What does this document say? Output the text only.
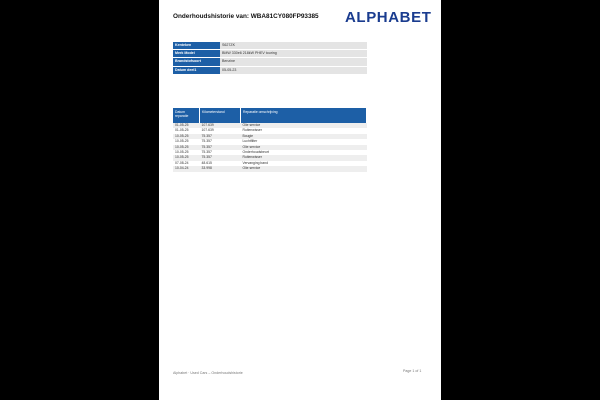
Onderhoudshistorie van: WBA81CY080FP93385 ALPHABET
Kenteken	S627ZK
Merk Model	BMW 330e6 218kW PHEV touring
Brandstofsoort	Benzine
Datum deel1	05-05-23
Datum reparatie	Kilometerstand	Reparatie omschrijving
01-05-25	107.639	Olie service
01-05-25	107.639	Ruitenwisser
10-05-25	75.357	Bougie
10-05-25	75.357	Luchtfilter
10-05-25	75.357	Olie service
10-05-25	75.357	Onderhoudsbeurt
10-05-25	75.357	Ruitenwisser
07-08-24	48.615	Vervanging band
10-04-24	33.998	Olie service
Alphabet · Used Cars – Onderhoudshistorie	Page 1 of 1
